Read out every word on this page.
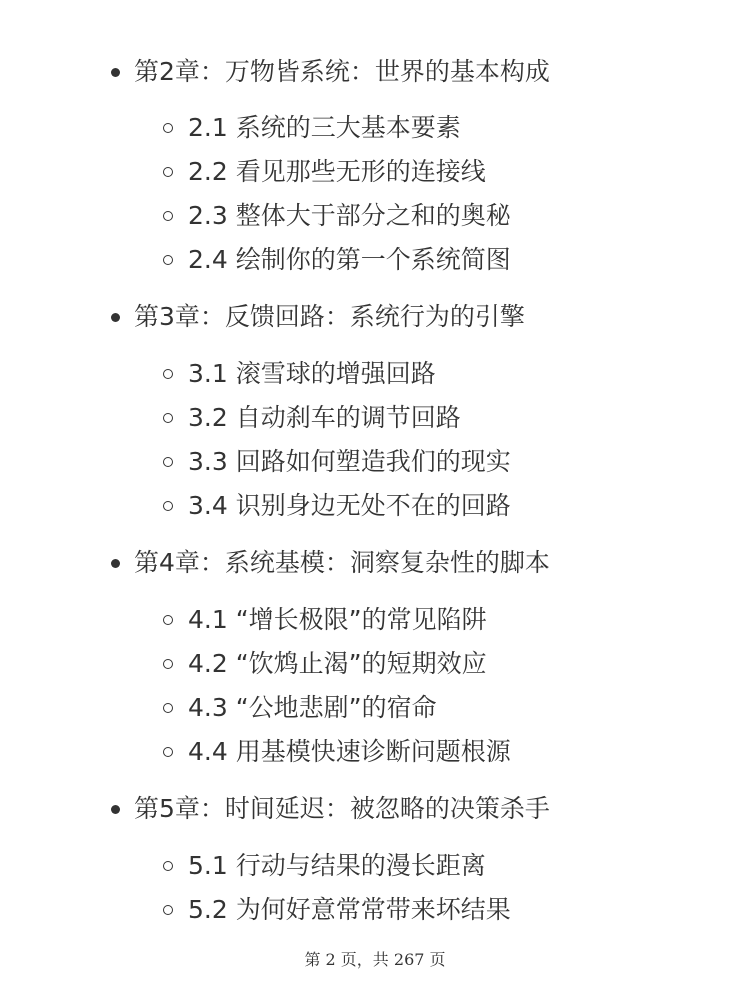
第2章：万物皆系统：世界的基本构成
2.1 系统的三大基本要素
2.2 看见那些无形的连接线
2.3 整体大于部分之和的奥秘
2.4 绘制你的第一个系统简图
第3章：反馈回路：系统行为的引擎
3.1 滚雪球的增强回路
3.2 自动刹车的调节回路
3.3 回路如何塑造我们的现实
3.4 识别身边无处不在的回路
第4章：系统基模：洞察复杂性的脚本
4.1 “增长极限”的常见陷阱
4.2 “饮鸩止渴”的短期效应
4.3 “公地悲剧”的宿命
4.4 用基模快速诊断问题根源
第5章：时间延迟：被忽略的决策杀手
5.1 行动与结果的漫长距离
5.2 为何好意常常带来坏结果
第 2 页，共 267 页
